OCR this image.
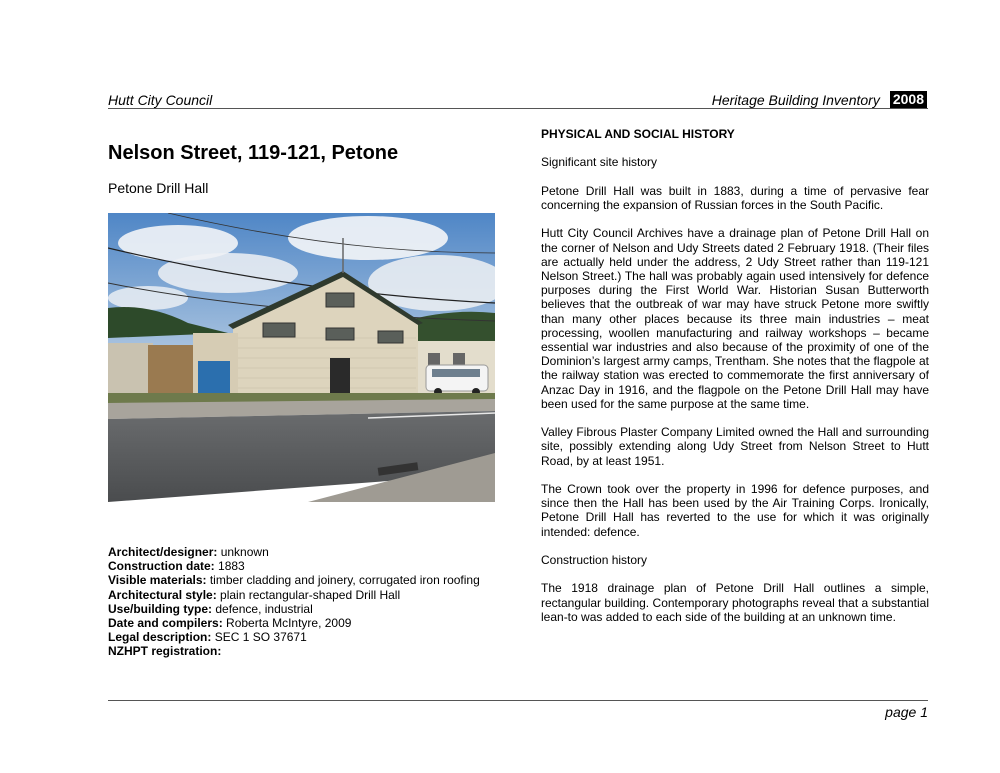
Hutt City Council	Heritage Building Inventory 2008
Nelson Street, 119-121, Petone
Petone Drill Hall

Architect/designer: unknown

Construction date: 1883

Visible materials: timber cladding and joinery, corrugated iron roofing

Architectural style: plain rectangular-shaped Drill Hall

Use/building type: defence, industrial

Date and compilers: Roberta McIntyre, 2009

Legal description: SEC 1 SO 37671

NZHPT registration:

PHYSICAL AND SOCIAL HISTORY

Significant site history

Petone Drill Hall was built in 1883, during a time of pervasive fear concerning the expansion of Russian forces in the South Pacific.

Hutt City Council Archives have a drainage plan of Petone Drill Hall on the corner of Nelson and Udy Streets dated 2 February 1918. (Their files are actually held under the address, 2 Udy Street rather than 119-121 Nelson Street.) The hall was probably again used intensively for defence purposes during the First World War. Historian Susan Butterworth believes that the outbreak of war may have struck Petone more swiftly than many other places because its three main industries – meat processing, woollen manufacturing and railway workshops – became essential war industries and also because of the proximity of one of the Dominion’s largest army camps, Trentham. She notes that the flagpole at the railway station was erected to commemorate the first anniversary of Anzac Day in 1916, and the flagpole on the Petone Drill Hall may have been used for the same purpose at the same time.

Valley Fibrous Plaster Company Limited owned the Hall and surrounding site, possibly extending along Udy Street from Nelson Street to Hutt Road, by at least 1951.

The Crown took over the property in 1996 for defence purposes, and since then the Hall has been used by the Air Training Corps. Ironically, Petone Drill Hall has reverted to the use for which it was originally intended: defence.

Construction history

The 1918 drainage plan of Petone Drill Hall outlines a simple, rectangular building. Contemporary photographs reveal that a substantial lean-to was added to each side of the building at an unknown time.

page 1
